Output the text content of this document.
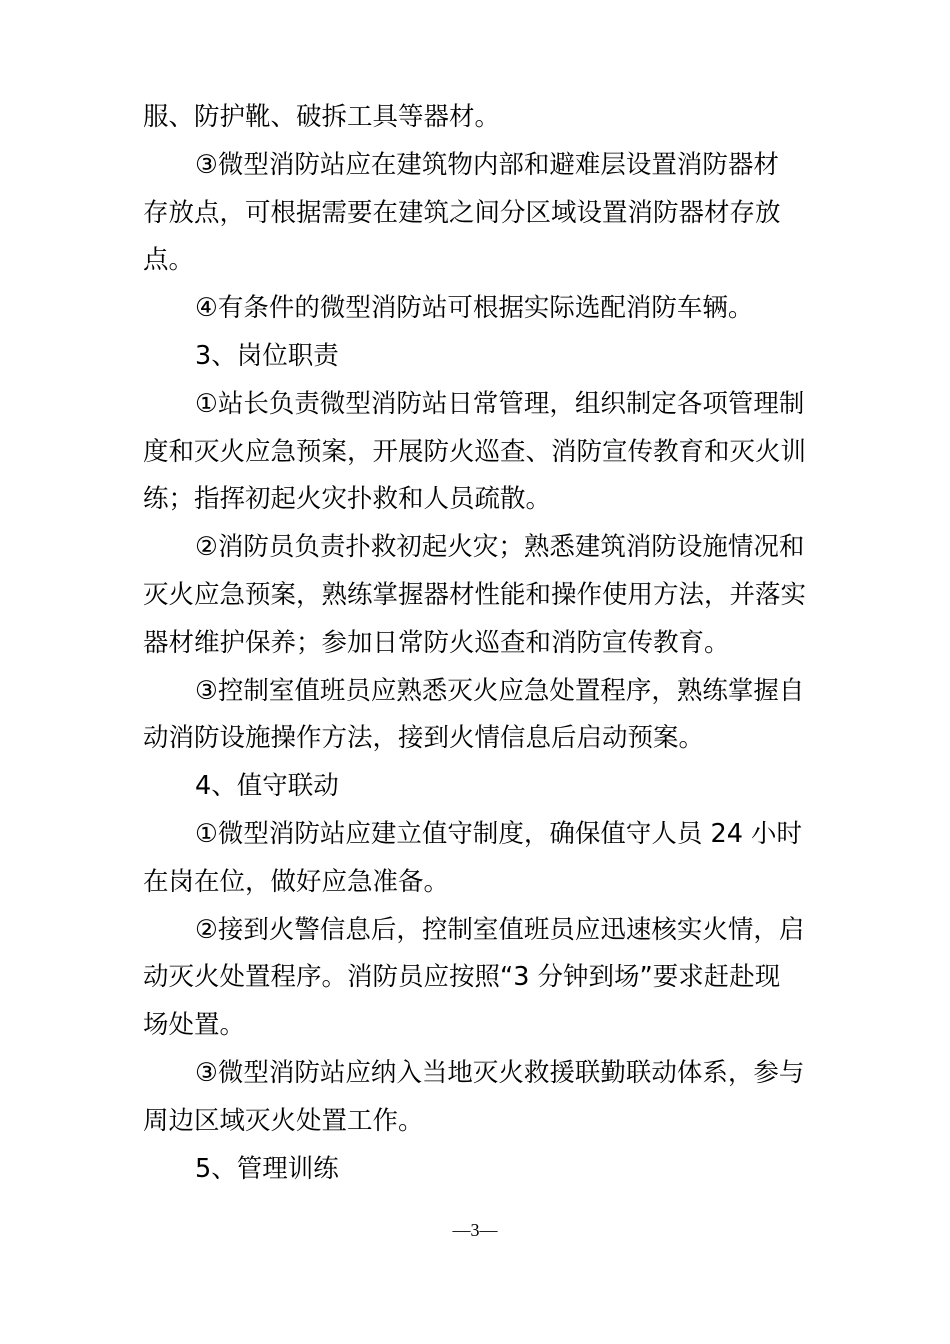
服、防护靴、破拆工具等器材。
③微型消防站应在建筑物内部和避难层设置消防器材
存放点，可根据需要在建筑之间分区域设置消防器材存放
点。
④有条件的微型消防站可根据实际选配消防车辆。
3、岗位职责
①站长负责微型消防站日常管理，组织制定各项管理制
度和灭火应急预案，开展防火巡查、消防宣传教育和灭火训
练；指挥初起火灾扑救和人员疏散。
②消防员负责扑救初起火灾；熟悉建筑消防设施情况和
灭火应急预案，熟练掌握器材性能和操作使用方法，并落实
器材维护保养；参加日常防火巡查和消防宣传教育。
③控制室值班员应熟悉灭火应急处置程序，熟练掌握自
动消防设施操作方法，接到火情信息后启动预案。
4、值守联动
①微型消防站应建立值守制度，确保值守人员 24 小时
在岗在位，做好应急准备。
②接到火警信息后，控制室值班员应迅速核实火情，启
动灭火处置程序。消防员应按照“3 分钟到场”要求赶赴现
场处置。
③微型消防站应纳入当地灭火救援联勤联动体系，参与
周边区域灭火处置工作。
5、管理训练
—3—
